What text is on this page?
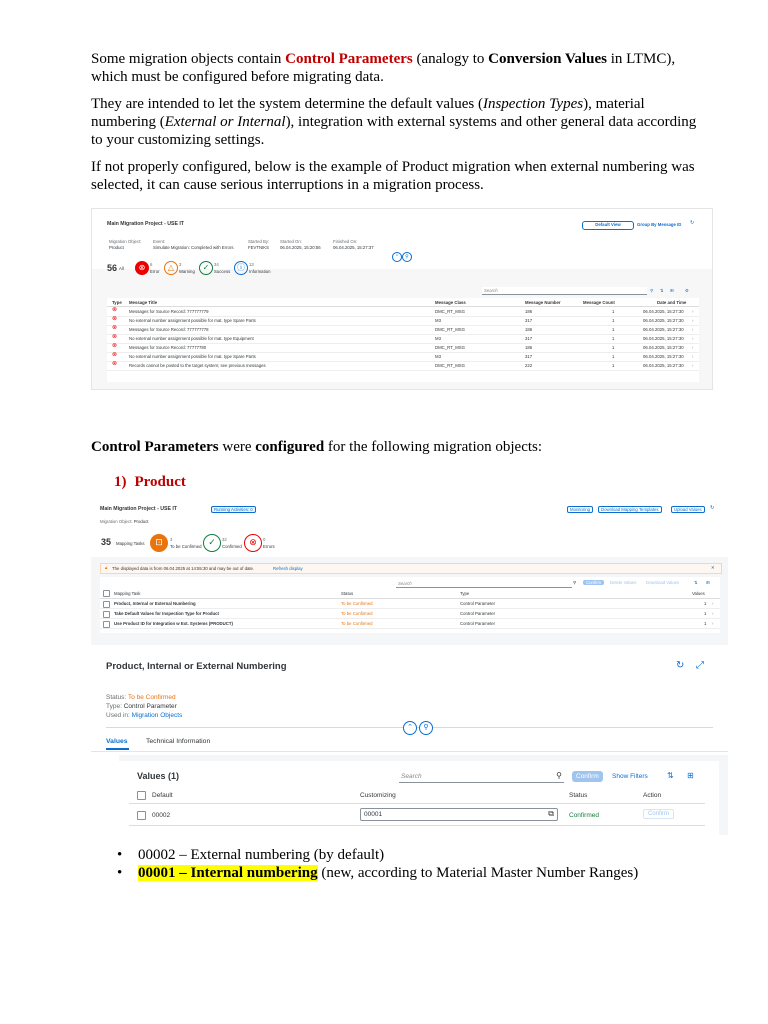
Some migration objects contain Control Parameters (analogy to Conversion Values in LTMC), which must be configured before migrating data.

They are intended to let the system determine the default values (Inspection Types), material numbering (External or Internal), integration with external systems and other general data according to your customizing settings.

If not properly configured, below is the example of Product migration when external numbering was selected, it can cause serious interruptions in a migration process.

Main Migration Project - USE IT	Default View	Group By Message ID ↻
Migration Object:
Product
Event:
Simulate Migration: Completed with Errors
Started By:
FEVTNIKS
Started On:
06.04.2025, 15:20:56
Finished On:
06.04.2025, 15:27:37
⌃	⚲
56 All	⊗	6
Error	△	3
Warning ✓	34
Success ⓘ 13
Information
Search	⚲ ⇅ ⊞	⚙
Type Message Title	Message Class	Message Number	Message Count	Date and Time
⊗	Messages for Source Record: 777777779	DMC_RT_MSG	186	1	06.04.2025, 15:27:30 ›
⊗	No external number assignment possible for mat. type Spare Parts	M3	317	1	06.04.2025, 15:27:30 ›
⊗	Messages for Source Record: 777777778	DMC_RT_MSG	186	1	06.04.2025, 15:27:30 ›
⊗	No external number assignment possible for mat. type Equipment	M3	317	1	06.04.2025, 15:27:30 ›
⊗	Messages for Source Record: 77777780	DMC_RT_MSG	186	1	06.04.2025, 15:27:30 ›
⊗	No external number assignment possible for mat. type Spare Parts	M3	317	1	06.04.2025, 15:27:30 ›
⊗	Records cannot be posted to the target system; see previous messages	DMC_RT_MSG	222	1	06.04.2025, 15:27:30 ›
Control Parameters were configured for the following migration objects:
1) Product
Main Migration Project - USE IT	Running Activities: 0	Monitoring	Download Mapping Templates	Upload Values	↻
Migration Object: Product
35 Mapping Tasks	⊡	3
To be Confirmed ✓	32
Confirmed ⊗	0
Errors
▲ The displayed data is from 06.04.2025 at 14:55:30 and may be out of date.	Refresh display	✕
Search	⚲	Confirm	Delete Values Download Values	⇅ ⊞
Mapping Task	Status	Type	Values
Product, Internal or External Numbering	To be Confirmed	Control Parameter	1 ›
Take Default Values for Inspection Type for Product	To be Confirmed	Control Parameter	1 ›
Use Product ID for Integration w Ext. Systems (PRODUCT)	To be Confirmed	Control Parameter	1 ›
Product, Internal or External Numbering	↻ ⤢
Status: To be Confirmed
Type: Control Parameter
Used in: Migration Objects
⌃	⚲
Values	Technical Information
Values (1)	Search	⚲	Confirm	Show Filters ⇅ ⊞
Default	Customizing	Status	Action
00002	00001	⧉ Confirmed	Confirm
• 00002 – External numbering (by default)
• 00001 – Internal numbering (new, according to Material Master Number Ranges)
